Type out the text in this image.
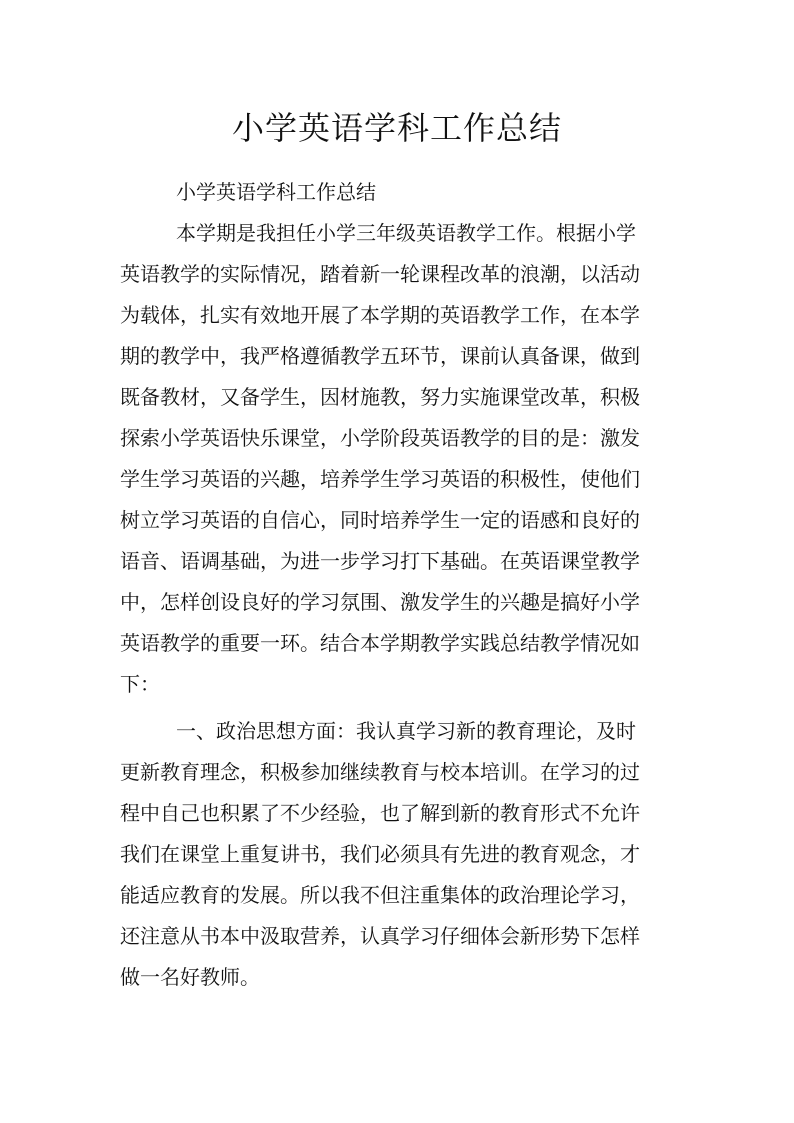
小学英语学科工作总结
小学英语学科工作总结
本学期是我担任小学三年级英语教学工作。根据小学
英语教学的实际情况，踏着新一轮课程改革的浪潮，以活动
为载体，扎实有效地开展了本学期的英语教学工作，在本学
期的教学中，我严格遵循教学五环节，课前认真备课，做到
既备教材，又备学生，因材施教，努力实施课堂改革，积极
探索小学英语快乐课堂，小学阶段英语教学的目的是：激发
学生学习英语的兴趣，培养学生学习英语的积极性，使他们
树立学习英语的自信心，同时培养学生一定的语感和良好的
语音、语调基础，为进一步学习打下基础。在英语课堂教学
中，怎样创设良好的学习氛围、激发学生的兴趣是搞好小学
英语教学的重要一环。结合本学期教学实践总结教学情况如
下：
一、政治思想方面：我认真学习新的教育理论，及时
更新教育理念，积极参加继续教育与校本培训。在学习的过
程中自己也积累了不少经验，也了解到新的教育形式不允许
我们在课堂上重复讲书，我们必须具有先进的教育观念，才
能适应教育的发展。所以我不但注重集体的政治理论学习，
还注意从书本中汲取营养，认真学习仔细体会新形势下怎样
做一名好教师。
